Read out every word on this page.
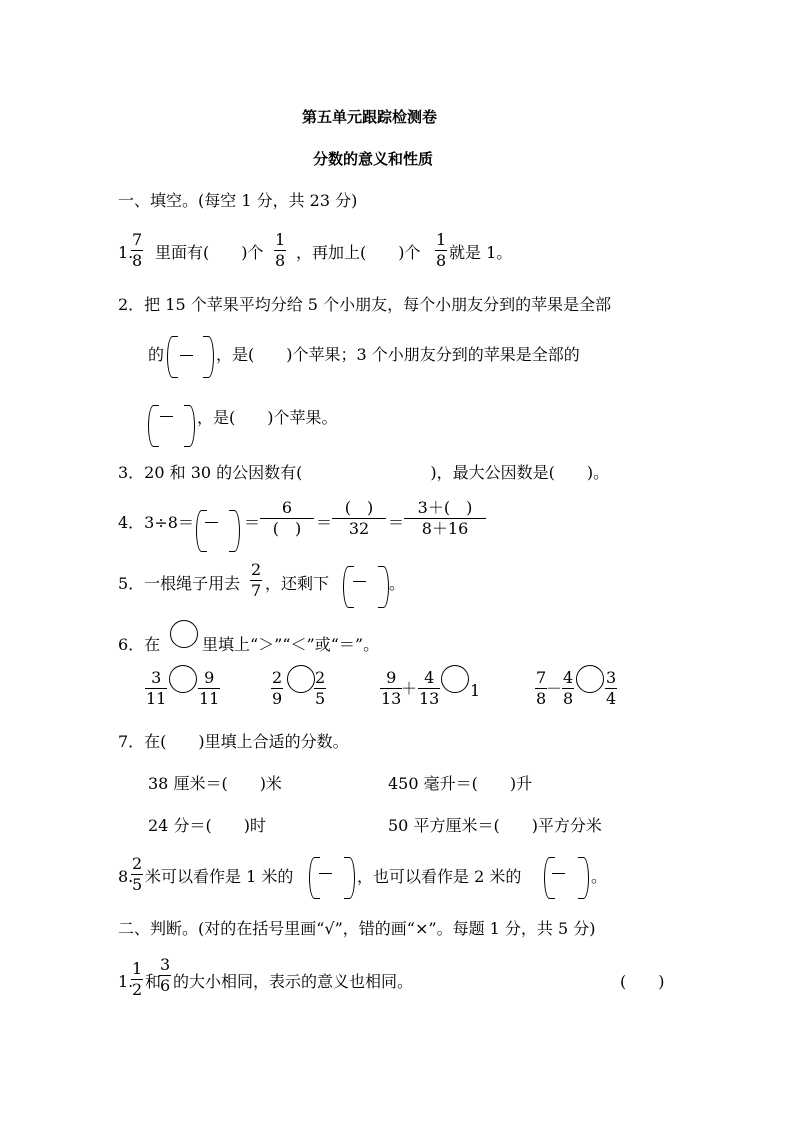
第五单元跟踪检测卷
分数的意义和性质
一、填空。(每空 1 分，共 23 分)
1.
7
8 里面有(　　)个
1
8 ，再加上(　　)个
1
8 就是 1。
2．把 15 个苹果平均分给 5 个小朋友，每个小朋友分到的苹果是全部
的	，是(　　)个苹果；3 个小朋友分到的苹果是全部的
，是(　　)个苹果。
3．20 和 30 的公因数有(　　　　　　　　)，最大公因数是(　　)。
4．3÷8＝	＝
6
(　) ＝
(　)
32	＝
3＋(　)
8＋16
5．一根绳子用去
2
7 ，还剩下	。
6．在	里填上“＞”“＜”或“＝”。
3
11
9
11
2
9
2
5
9
13
＋
4
13 1
7
8
－
4
8
3
4
7．在(　　)里填上合适的分数。
38 厘米＝(　　)米	450 毫升＝(　　)升
24 分＝(　　)时	50 平方厘米＝(　　)平方分米
8.
2
5 米可以看作是 1 米的	，也可以看作是 2 米的	。
二、判断。(对的在括号里画“√”，错的画“×”。每题 1 分，共 5 分)
1.
1
2 和
3
6 的大小相同，表示的意义也相同。	(　　)
